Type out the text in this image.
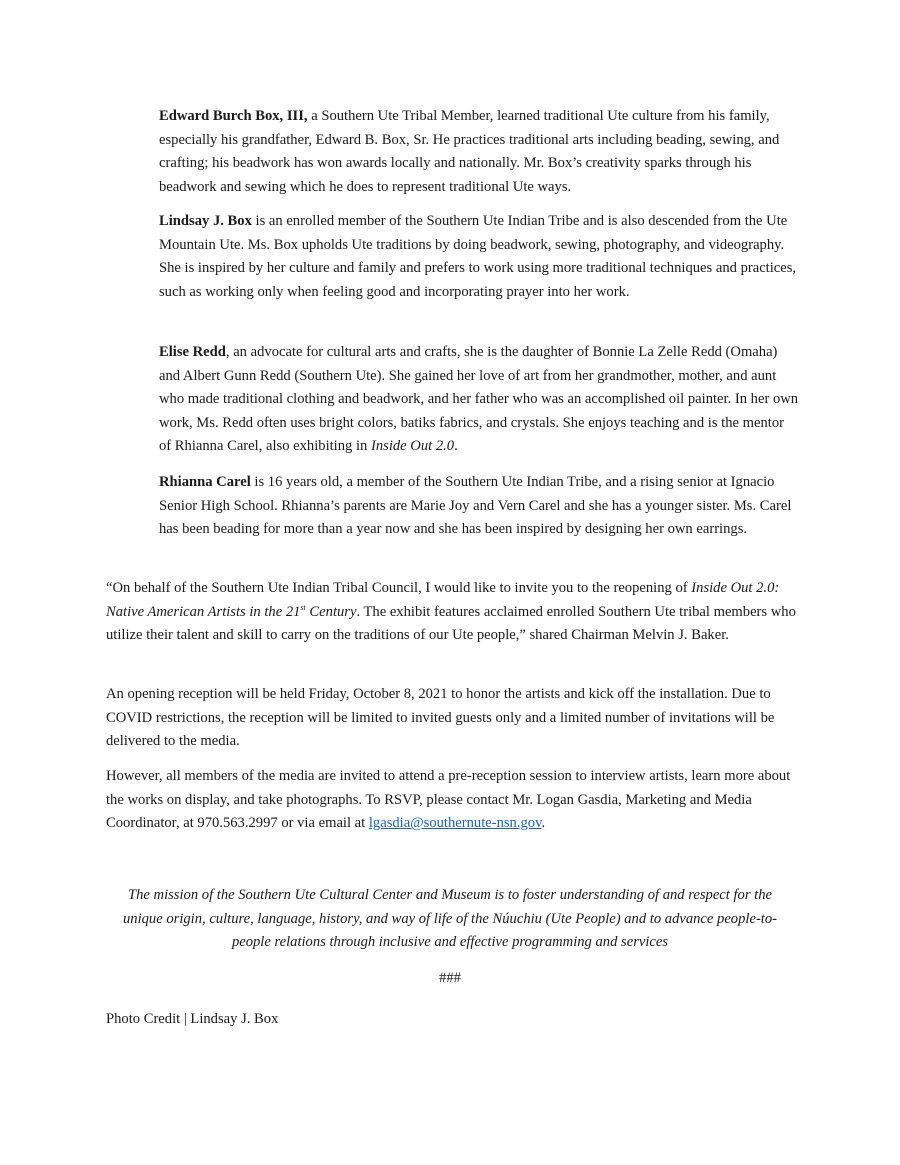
Edward Burch Box, III, a Southern Ute Tribal Member, learned traditional Ute culture from his family, especially his grandfather, Edward B. Box, Sr. He practices traditional arts including beading, sewing, and crafting; his beadwork has won awards locally and nationally. Mr. Box’s creativity sparks through his beadwork and sewing which he does to represent traditional Ute ways.

Lindsay J. Box is an enrolled member of the Southern Ute Indian Tribe and is also descended from the Ute Mountain Ute. Ms. Box upholds Ute traditions by doing beadwork, sewing, photography, and videography. She is inspired by her culture and family and prefers to work using more traditional techniques and practices, such as working only when feeling good and incorporating prayer into her work.

Elise Redd, an advocate for cultural arts and crafts, she is the daughter of Bonnie La Zelle Redd (Omaha) and Albert Gunn Redd (Southern Ute). She gained her love of art from her grandmother, mother, and aunt who made traditional clothing and beadwork, and her father who was an accomplished oil painter. In her own work, Ms. Redd often uses bright colors, batiks fabrics, and crystals. She enjoys teaching and is the mentor of Rhianna Carel, also exhibiting in Inside Out 2.0.

Rhianna Carel is 16 years old, a member of the Southern Ute Indian Tribe, and a rising senior at Ignacio Senior High School. Rhianna’s parents are Marie Joy and Vern Carel and she has a younger sister. Ms. Carel has been beading for more than a year now and she has been inspired by designing her own earrings.

“On behalf of the Southern Ute Indian Tribal Council, I would like to invite you to the reopening of Inside Out 2.0: Native American Artists in the 21st Century. The exhibit features acclaimed enrolled Southern Ute tribal members who utilize their talent and skill to carry on the traditions of our Ute people,” shared Chairman Melvin J. Baker.

An opening reception will be held Friday, October 8, 2021 to honor the artists and kick off the installation. Due to COVID restrictions, the reception will be limited to invited guests only and a limited number of invitations will be delivered to the media.

However, all members of the media are invited to attend a pre-reception session to interview artists, learn more about the works on display, and take photographs. To RSVP, please contact Mr. Logan Gasdia, Marketing and Media Coordinator, at 970.563.2997 or via email at lgasdia@southernute-nsn.gov.

The mission of the Southern Ute Cultural Center and Museum is to foster understanding of and respect for the unique origin, culture, language, history, and way of life of the Núuchiu (Ute People) and to advance people-to-people relations through inclusive and effective programming and services

###

Photo Credit | Lindsay J. Box
